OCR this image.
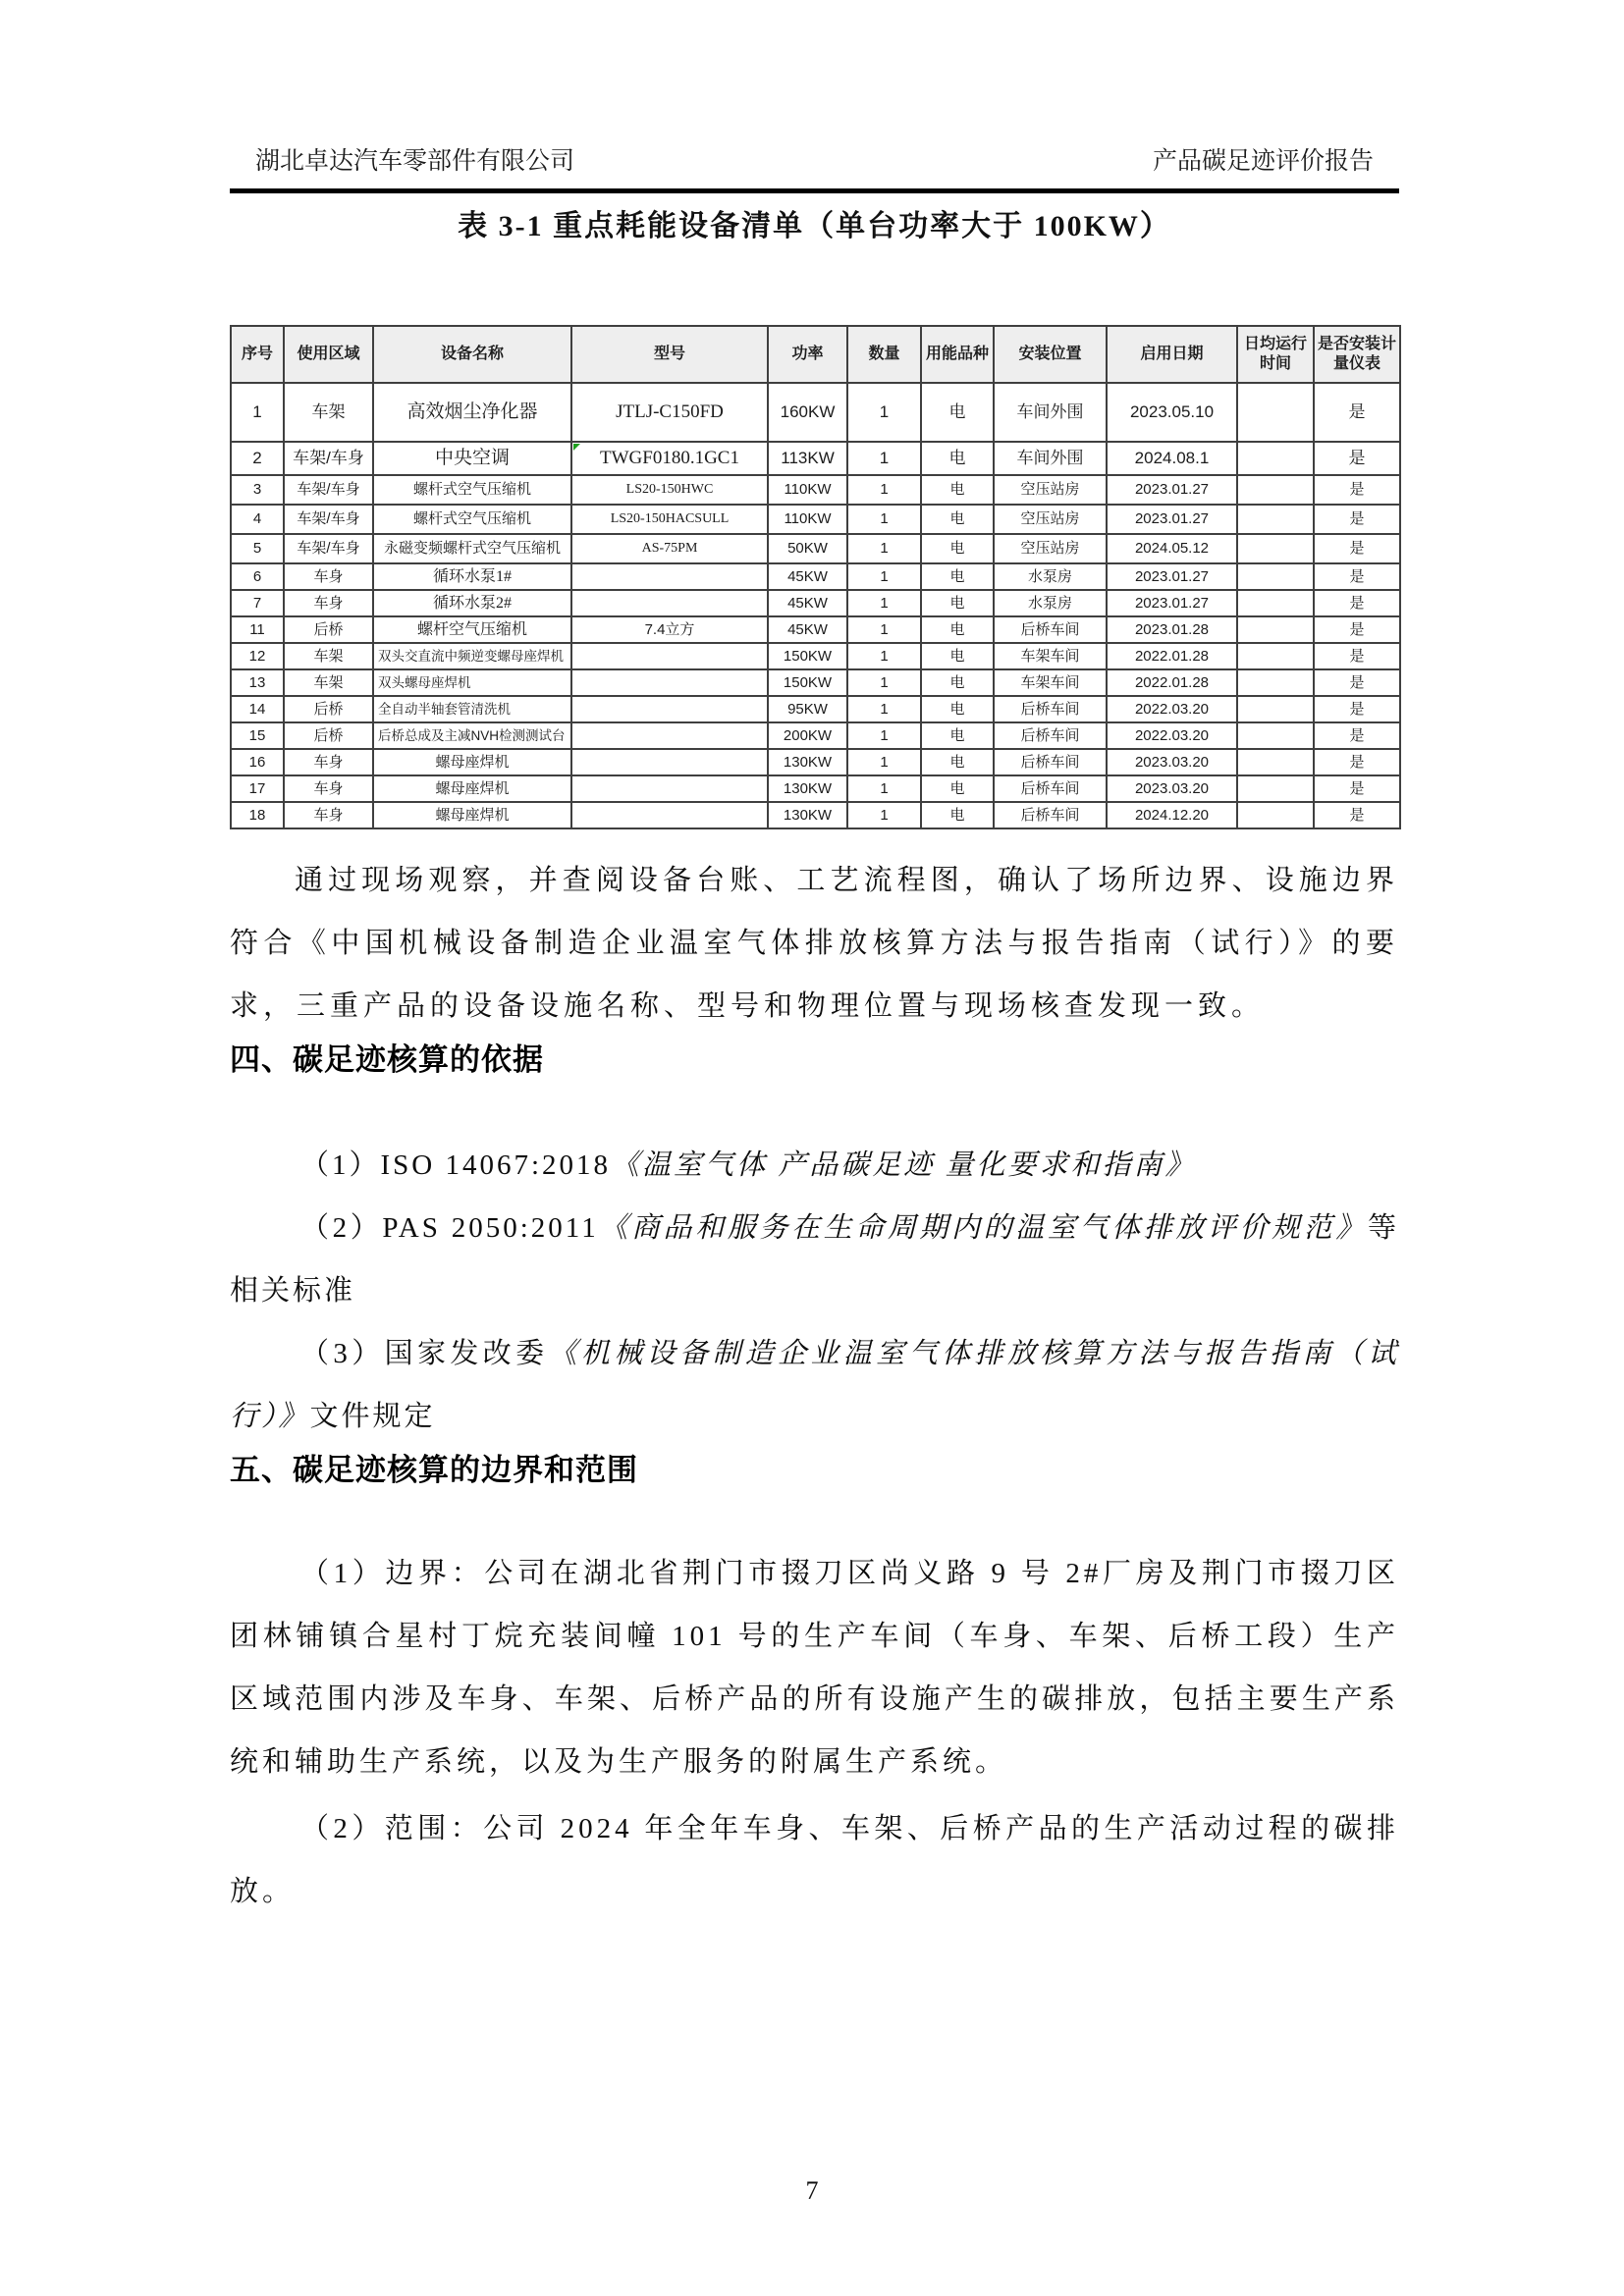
湖北卓达汽车零部件有限公司	产品碳足迹评价报告
表 3-1 重点耗能设备清单（单台功率大于 100KW）
序号	使用区域	设备名称	型号	功率	数量	用能品种	安装位置	启用日期	日均运行时间	是否安装计量仪表
1	车架	高效烟尘净化器	JTLJ-C150FD	160KW	1	电	车间外围	2023.05.10		是
2	车架/车身	中央空调	TWGF0180.1GC1	113KW	1	电	车间外围	2024.08.1		是
3	车架/车身	螺杆式空气压缩机	LS20-150HWC	110KW	1	电	空压站房	2023.01.27		是
4	车架/车身	螺杆式空气压缩机	LS20-150HACSULL	110KW	1	电	空压站房	2023.01.27		是
5	车架/车身	永磁变频螺杆式空气压缩机	AS-75PM	50KW	1	电	空压站房	2024.05.12		是
6	车身	循环水泵1#		45KW	1	电	水泵房	2023.01.27		是
7	车身	循环水泵2#		45KW	1	电	水泵房	2023.01.27		是
11	后桥	螺杆空气压缩机	7.4立方	45KW	1	电	后桥车间	2023.01.28		是
12	车架	双头交直流中频逆变螺母座焊机		150KW	1	电	车架车间	2022.01.28		是
13	车架	双头螺母座焊机		150KW	1	电	车架车间	2022.01.28		是
14	后桥	全自动半轴套管清洗机		95KW	1	电	后桥车间	2022.03.20		是
15	后桥	后桥总成及主减NVH检测测试台		200KW	1	电	后桥车间	2022.03.20		是
16	车身	螺母座焊机		130KW	1	电	后桥车间	2023.03.20		是
17	车身	螺母座焊机		130KW	1	电	后桥车间	2023.03.20		是
18	车身	螺母座焊机		130KW	1	电	后桥车间	2024.12.20		是

通过现场观察，并查阅设备台账、工艺流程图，确认了场所边界、设施边界符合《中国机械设备制造企业温室气体排放核算方法与报告指南（试行）》的要求，三重产品的设备设施名称、型号和物理位置与现场核查发现一致。

四、碳足迹核算的依据

（1）ISO 14067:2018《温室气体 产品碳足迹 量化要求和指南》

（2）PAS 2050:2011《商品和服务在生命周期内的温室气体排放评价规范》等相关标准

（3）国家发改委《机械设备制造企业温室气体排放核算方法与报告指南（试行）》文件规定

五、碳足迹核算的边界和范围

（1）边界：公司在湖北省荆门市掇刀区尚义路 9 号 2#厂房及荆门市掇刀区团林铺镇合星村丁烷充装间幢 101 号的生产车间（车身、车架、后桥工段）生产区域范围内涉及车身、车架、后桥产品的所有设施产生的碳排放，包括主要生产系统和辅助生产系统，以及为生产服务的附属生产系统。

（2）范围：公司 2024 年全年车身、车架、后桥产品的生产活动过程的碳排放。

7
